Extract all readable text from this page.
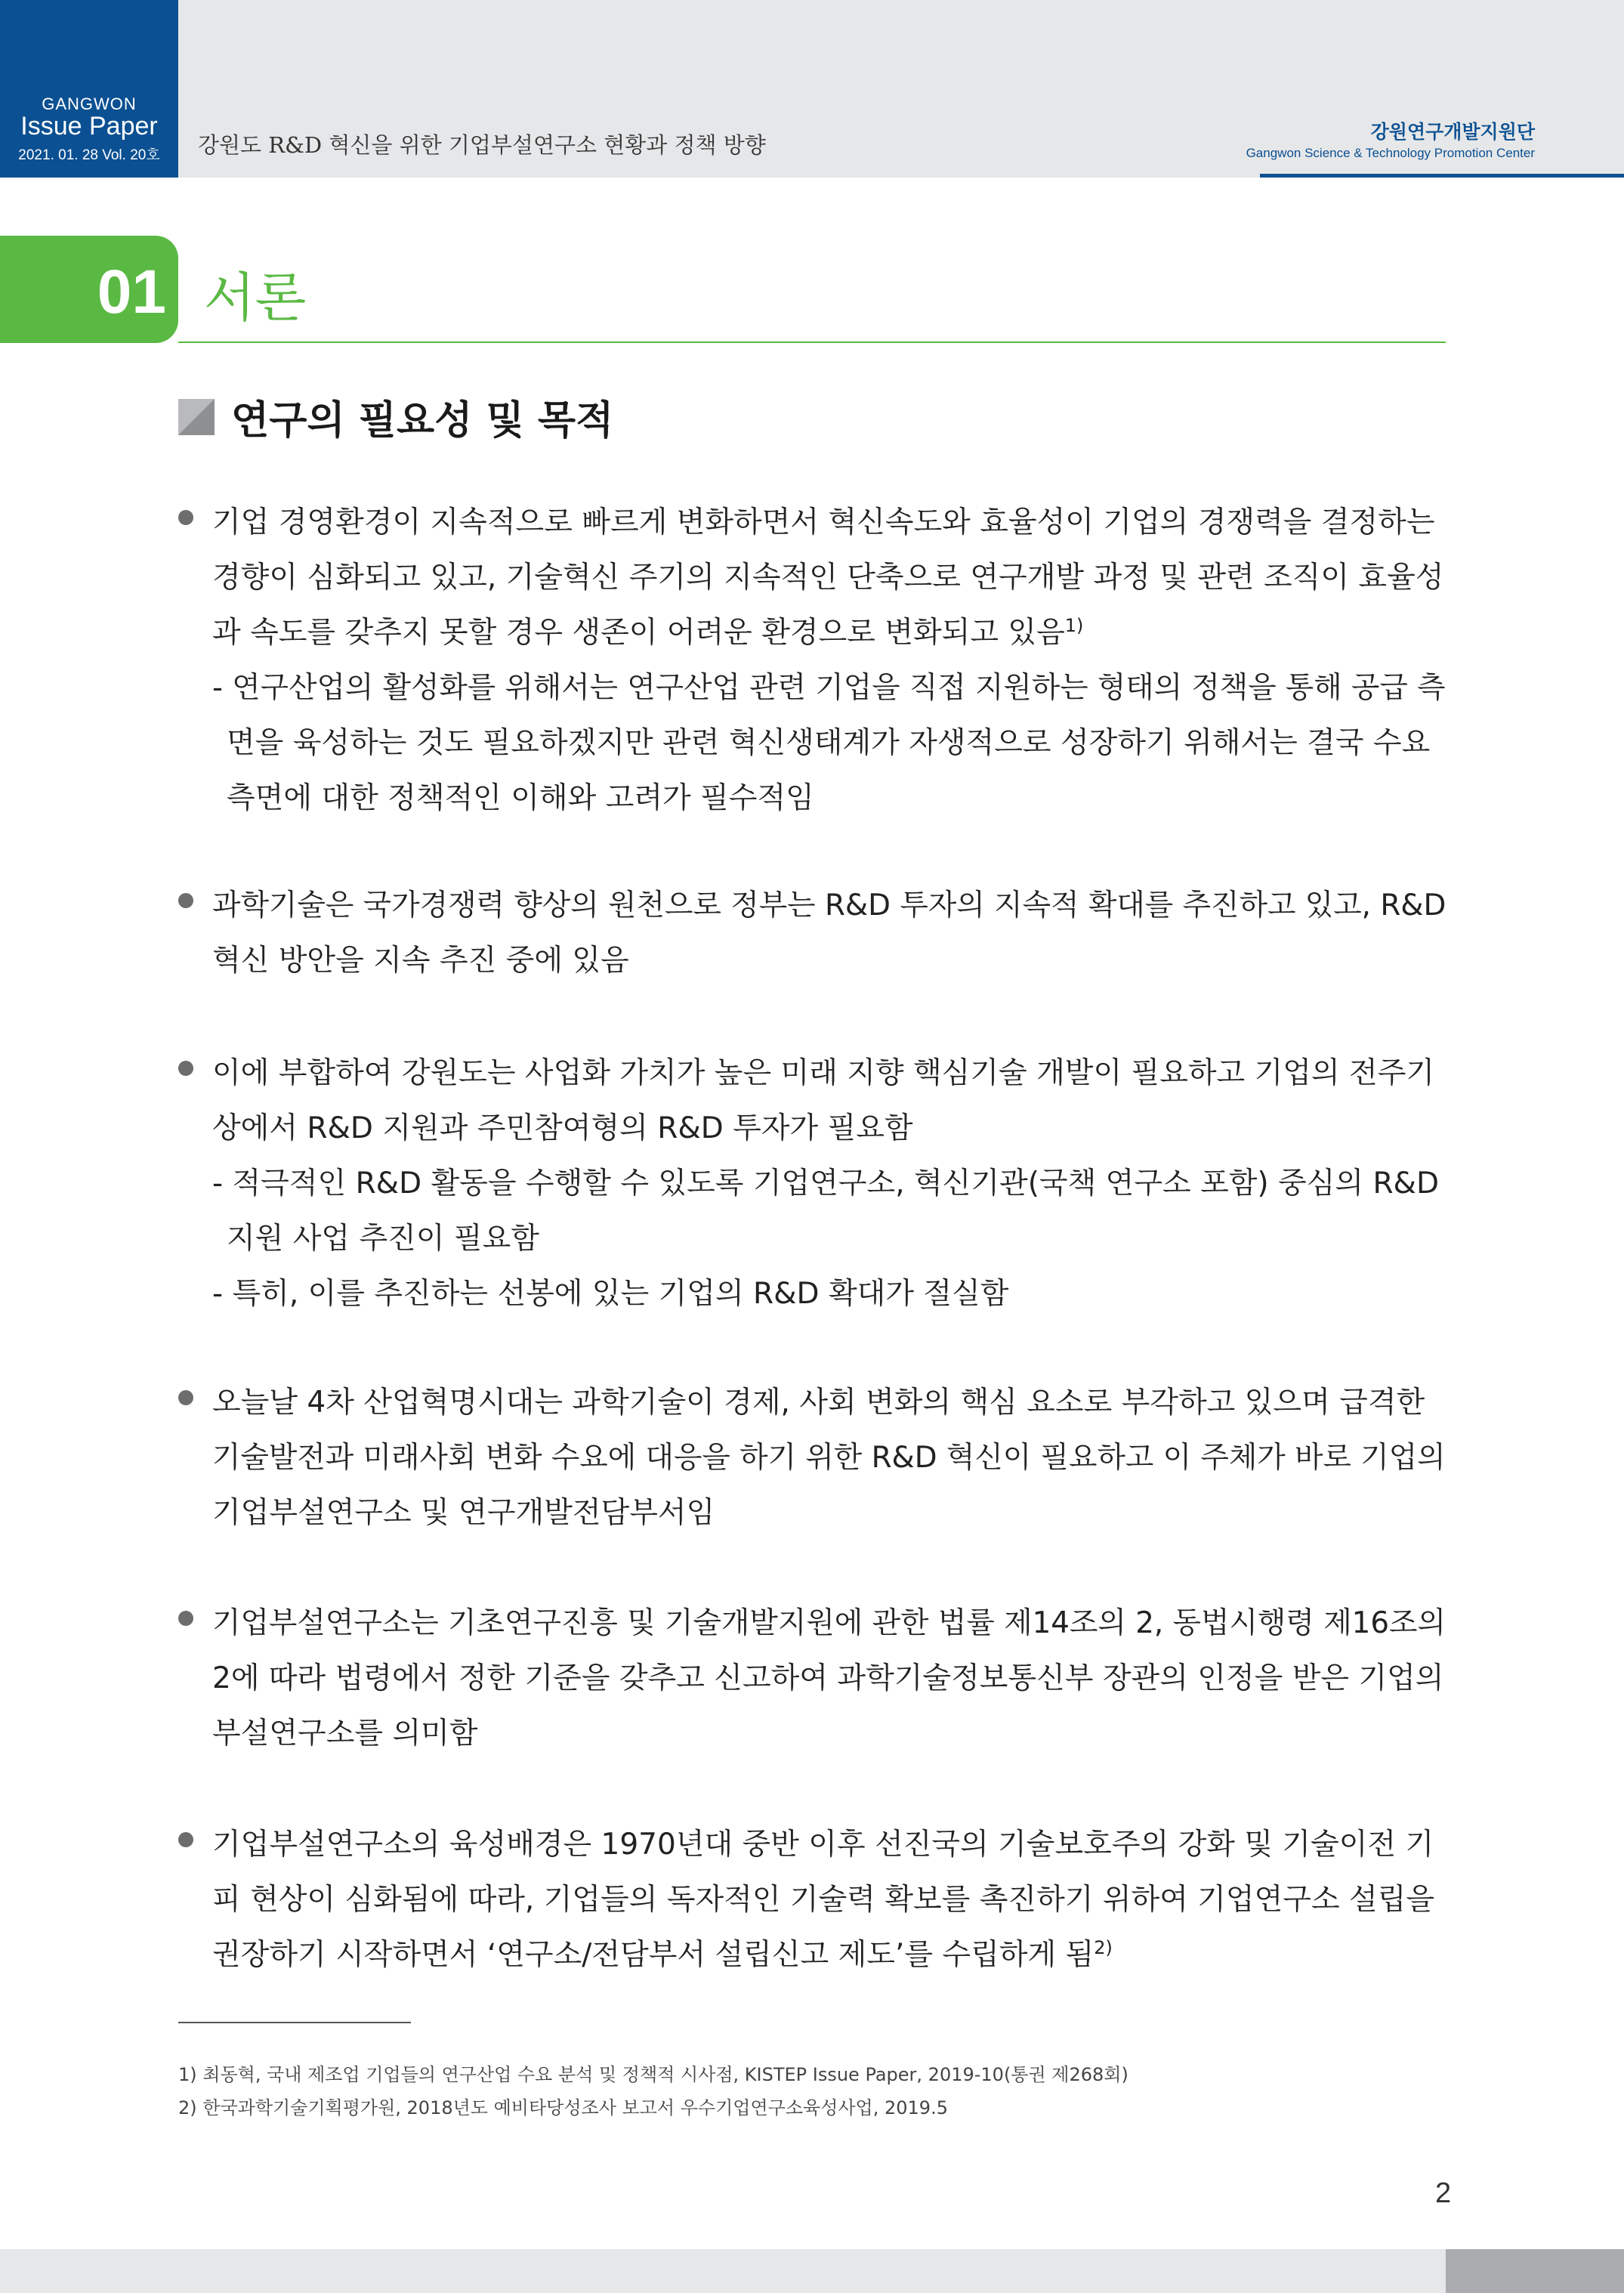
GANGWON
Issue Paper
2021. 01. 28 Vol. 20호	강원도 R&D 혁신을 위한 기업부설연구소 현황과 정책 방향
강원연구개발지원단
Gangwon Science & Technology Promotion Center
01 서론
연구의 필요성 및 목적
기업 경영환경이 지속적으로 빠르게 변화하면서 혁신속도와 효율성이 기업의 경쟁력을 결정하는
경향이 심화되고 있고, 기술혁신 주기의 지속적인 단축으로 연구개발 과정 및 관련 조직이 효율성
과 속도를 갖추지 못할 경우 생존이 어려운 환경으로 변화되고 있음$^{1)}$
- 연구산업의 활성화를 위해서는 연구산업 관련 기업을 직접 지원하는 형태의 정책을 통해 공급 측
면을 육성하는 것도 필요하겠지만 관련 혁신생태계가 자생적으로 성장하기 위해서는 결국 수요
측면에 대한 정책적인 이해와 고려가 필수적임
과학기술은 국가경쟁력 향상의 원천으로 정부는 R&D 투자의 지속적 확대를 추진하고 있고, R&D
혁신 방안을 지속 추진 중에 있음
이에 부합하여 강원도는 사업화 가치가 높은 미래 지향 핵심기술 개발이 필요하고 기업의 전주기
상에서 R&D 지원과 주민참여형의 R&D 투자가 필요함
- 적극적인 R&D 활동을 수행할 수 있도록 기업연구소, 혁신기관(국책 연구소 포함) 중심의 R&D
지원 사업 추진이 필요함
- 특히, 이를 추진하는 선봉에 있는 기업의 R&D 확대가 절실함
오늘날 4차 산업혁명시대는 과학기술이 경제, 사회 변화의 핵심 요소로 부각하고 있으며 급격한
기술발전과 미래사회 변화 수요에 대응을 하기 위한 R&D 혁신이 필요하고 이 주체가 바로 기업의
기업부설연구소 및 연구개발전담부서임
기업부설연구소는 기초연구진흥 및 기술개발지원에 관한 법률 제14조의 2, 동법시행령 제16조의
2에 따라 법령에서 정한 기준을 갖추고 신고하여 과학기술정보통신부 장관의 인정을 받은 기업의
부설연구소를 의미함
기업부설연구소의 육성배경은 1970년대 중반 이후 선진국의 기술보호주의 강화 및 기술이전 기
피 현상이 심화됨에 따라, 기업들의 독자적인 기술력 확보를 촉진하기 위하여 기업연구소 설립을
권장하기 시작하면서 ‘연구소/전담부서 설립신고 제도’를 수립하게 됨$^{2)}$
1) 최동혁, 국내 제조업 기업들의 연구산업 수요 분석 및 정책적 시사점, KISTEP Issue Paper, 2019-10(통권 제268회)
2) 한국과학기술기획평가원, 2018년도 예비타당성조사 보고서 우수기업연구소육성사업, 2019.5
2
